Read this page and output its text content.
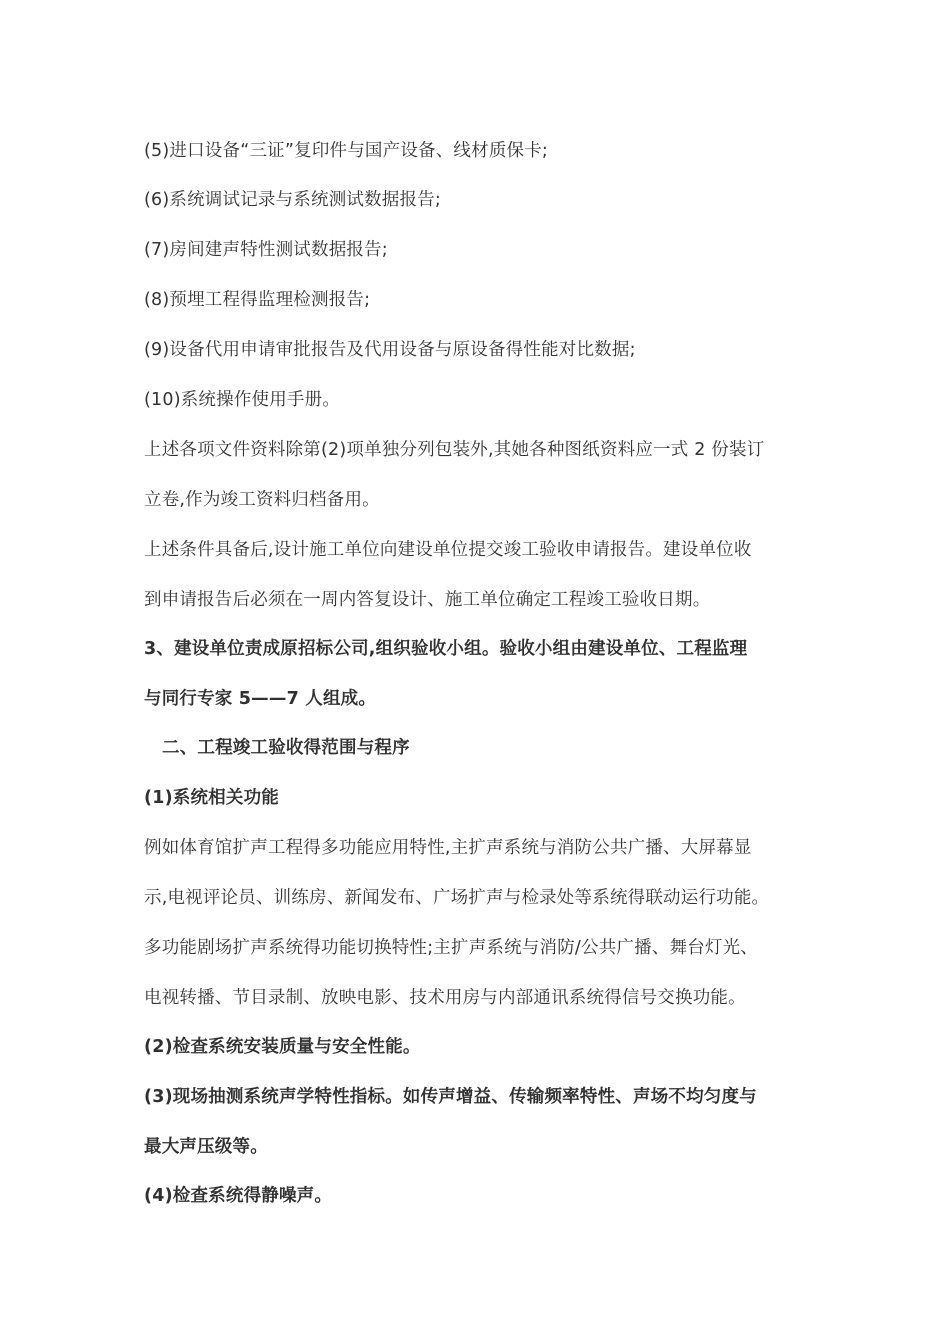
(5)进口设备“三证”复印件与国产设备、线材质保卡;
(6)系统调试记录与系统测试数据报告;
(7)房间建声特性测试数据报告;
(8)预埋工程得监理检测报告;
(9)设备代用申请审批报告及代用设备与原设备得性能对比数据;
(10)系统操作使用手册。
上述各项文件资料除第(2)项单独分列包装外,其她各种图纸资料应一式 2 份装订
立卷,作为竣工资料归档备用。
上述条件具备后,设计施工单位向建设单位提交竣工验收申请报告。建设单位收
到申请报告后必须在一周内答复设计、施工单位确定工程竣工验收日期。
3、建设单位责成原招标公司,组织验收小组。验收小组由建设单位、工程监理
与同行专家 5——7 人组成。
二、工程竣工验收得范围与程序
(1)系统相关功能
例如体育馆扩声工程得多功能应用特性,主扩声系统与消防公共广播、大屏幕显
示,电视评论员、训练房、新闻发布、广场扩声与检录处等系统得联动运行功能。
多功能剧场扩声系统得功能切换特性;主扩声系统与消防/公共广播、舞台灯光、
电视转播、节目录制、放映电影、技术用房与内部通讯系统得信号交换功能。
(2)检查系统安装质量与安全性能。
(3)现场抽测系统声学特性指标。如传声增益、传输频率特性、声场不均匀度与
最大声压级等。
(4)检查系统得静噪声。
